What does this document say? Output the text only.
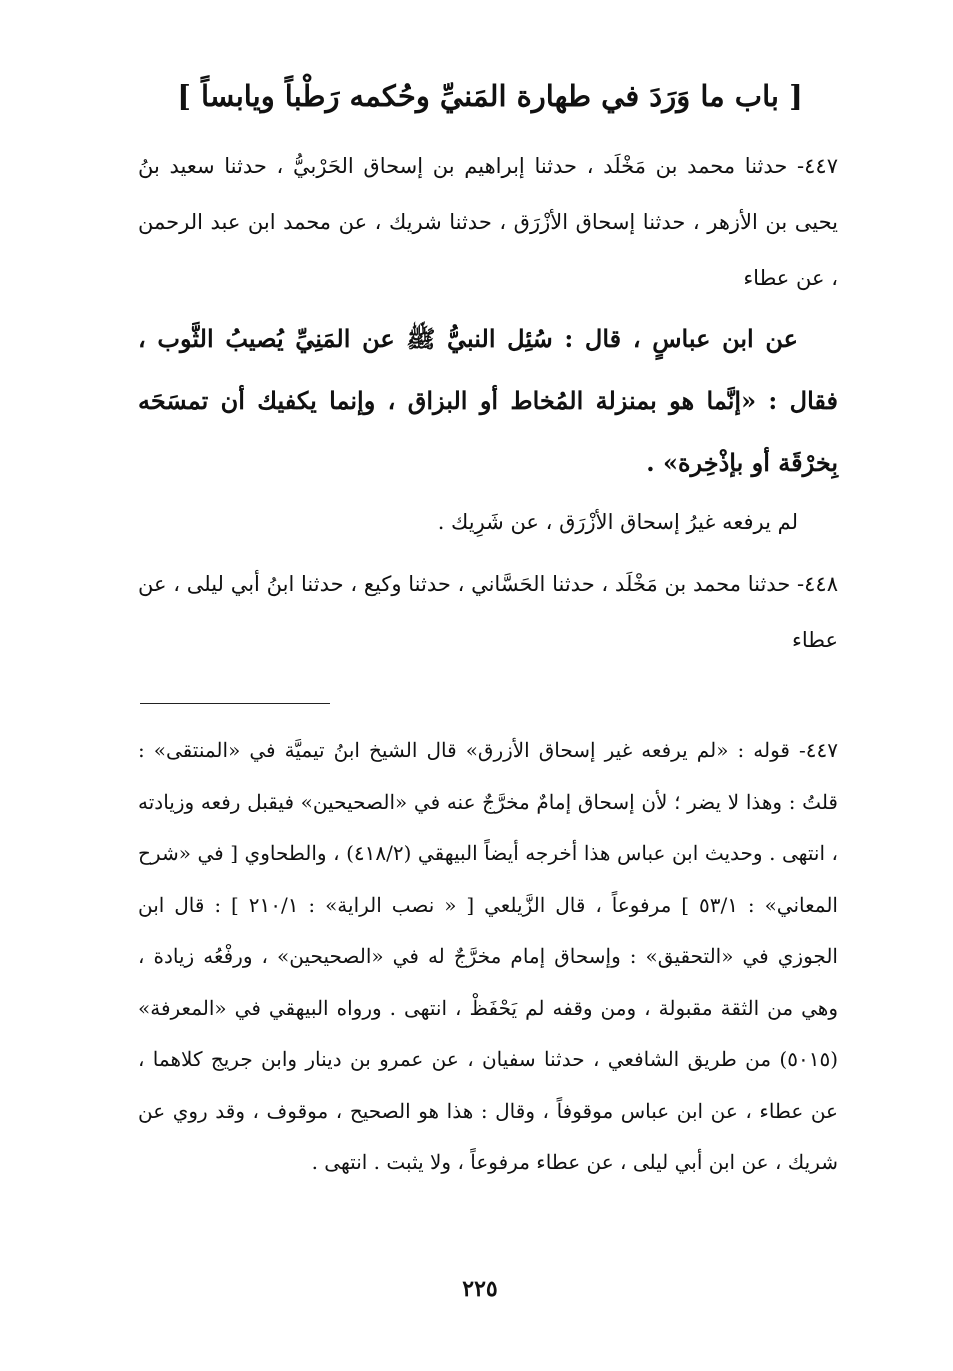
[ باب ما وَرَدَ في طهارة المَنيِّ وحُكمه رَطْباً ويابساً ]

٤٤٧- حدثنا محمد بن مَخْلَد ، حدثنا إبراهيم بن إسحاق الحَرْبيُّ ، حدثنا سعيد بنُ يحيى بن الأزهر ، حدثنا إسحاق الأزْرَق ، حدثنا شريك ، عن محمد ابن عبد الرحمن ، عن عطاء

عن ابن عباسٍ ، قال : سُئِل النبيُّ ﷺ عن المَنِيِّ يُصيبُ الثَّوب ، فقال : «إنَّما هو بمنزلة المُخاط أو البزاق ، وإنما يكفيك أن تمسَحَه بِخرْقَة أو بإذْخِرة» .

لم يرفعه غيرُ إسحاق الأزْرَق ، عن شَرِيك .

٤٤٨- حدثنا محمد بن مَخْلَد ، حدثنا الحَسَّاني ، حدثنا وكيع ، حدثنا ابنُ أبي ليلى ، عن عطاء

٤٤٧- قوله : «لم يرفعه غير إسحاق الأزرق» قال الشيخ ابنُ تيميَّة في «المنتقى» : قلتُ : وهذا لا يضر ؛ لأن إسحاق إمامٌ مخرَّجٌ عنه في «الصحيحين» فيقبل رفعه وزيادته ، انتهى . وحديث ابن عباس هذا أخرجه أيضاً البيهقي (٤١٨/٢) ، والطحاوي [ في «شرح المعاني» : ٥٣/١ ] مرفوعاً ، قال الزَّيلعي [ « نصب الراية» : ٢١٠/١ ] : قال ابن الجوزي في «التحقيق» : وإسحاق إمام مخرَّجٌ له في «الصحيحين» ، ورفْعُه زيادة ، وهي من الثقة مقبولة ، ومن وقفه لم يَحْفَظْ ، انتهى . ورواه البيهقي في «المعرفة» (٥٠١٥) من طريق الشافعي ، حدثنا سفيان ، عن عمرو بن دينار وابن جريج كلاهما ، عن عطاء ، عن ابن عباس موقوفاً ، وقال : هذا هو الصحيح ، موقوف ، وقد روي عن شريك ، عن ابن أبي ليلى ، عن عطاء مرفوعاً ، ولا يثبت . انتهى .

٢٢٥
